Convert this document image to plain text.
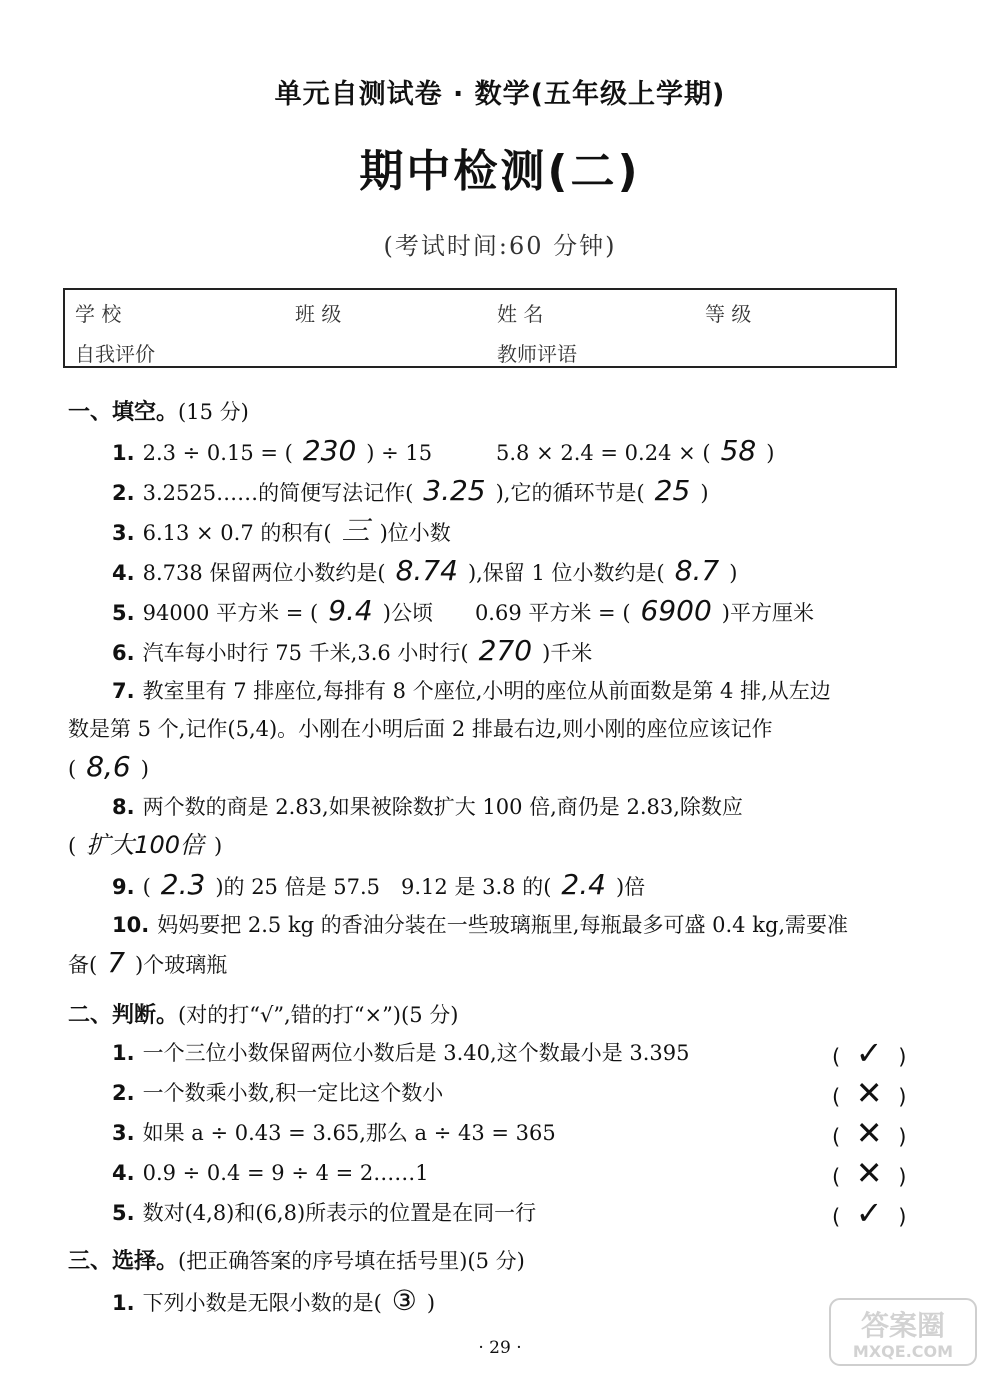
单元自测试卷 · 数学(五年级上学期)
期中检测(二)
(考试时间:60 分钟)
学 校	班 级	姓 名	等 级
自我评价	教师评语
一、填空。(15 分)
1. 2.3 ÷ 0.15 = ( 230 ) ÷ 15	5.8 × 2.4 = 0.24 × ( 58 )
2. 3.2525……的简便写法记作( 3.25 ),它的循环节是( 25 )
3. 6.13 × 0.7 的积有( 三 )位小数
4. 8.738 保留两位小数约是( 8.74 ),保留 1 位小数约是( 8.7 )
5. 94000 平方米 = ( 9.4 )公顷　　0.69 平方米 = ( 6900 )平方厘米
6. 汽车每小时行 75 千米,3.6 小时行( 270 )千米
7. 教室里有 7 排座位,每排有 8 个座位,小明的座位从前面数是第 4 排,从左边
数是第 5 个,记作(5,4)。小刚在小明后面 2 排最右边,则小刚的座位应该记作
( 8,6 )
8. 两个数的商是 2.83,如果被除数扩大 100 倍,商仍是 2.83,除数应
( 扩大100倍 )
9. ( 2.3 )的 25 倍是 57.5　9.12 是 3.8 的( 2.4 )倍
10. 妈妈要把 2.5 kg 的香油分装在一些玻璃瓶里,每瓶最多可盛 0.4 kg,需要准
备( 7 )个玻璃瓶
二、判断。(对的打“√”,错的打“×”)(5 分)
1. 一个三位小数保留两位小数后是 3.40,这个数最小是 3.395	( ✓ )
2. 一个数乘小数,积一定比这个数小	( ✕ )
3. 如果 a ÷ 0.43 = 3.65,那么 a ÷ 43 = 365	( ✕ )
4. 0.9 ÷ 0.4 = 9 ÷ 4 = 2……1	( ✕ )
5. 数对(4,8)和(6,8)所表示的位置是在同一行	( ✓ )
三、选择。(把正确答案的序号填在括号里)(5 分)
1. 下列小数是无限小数的是( ③ )
· 29 ·
答案圈
MXQE.COM
